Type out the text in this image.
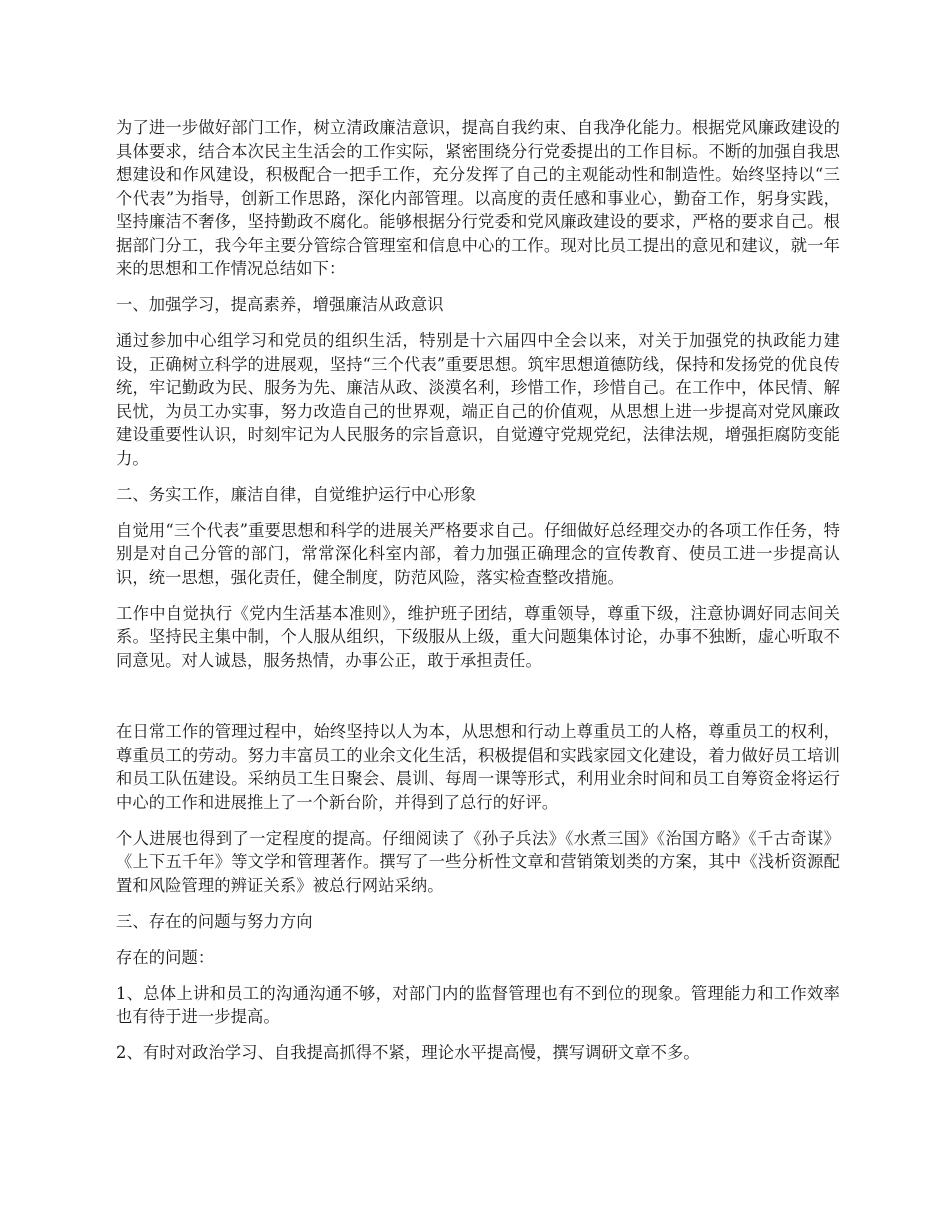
为了进一步做好部门工作，树立清政廉洁意识，提高自我约束、自我净化能力。根据党风廉政建设的具体要求，结合本次民主生活会的工作实际，紧密围绕分行党委提出的工作目标。不断的加强自我思想建设和作风建设，积极配合一把手工作，充分发挥了自己的主观能动性和制造性。始终坚持以“三个代表”为指导，创新工作思路，深化内部管理。以高度的责任感和事业心，勤奋工作，躬身实践，坚持廉洁不奢侈，坚持勤政不腐化。能够根据分行党委和党风廉政建设的要求，严格的要求自己。根据部门分工，我今年主要分管综合管理室和信息中心的工作。现对比员工提出的意见和建议，就一年来的思想和工作情况总结如下：

一、加强学习，提高素养，增强廉洁从政意识

通过参加中心组学习和党员的组织生活，特别是十六届四中全会以来，对关于加强党的执政能力建设，正确树立科学的进展观，坚持“三个代表”重要思想。筑牢思想道德防线，保持和发扬党的优良传统，牢记勤政为民、服务为先、廉洁从政、淡漠名利，珍惜工作，珍惜自己。在工作中，体民情、解民忧，为员工办实事，努力改造自己的世界观，端正自己的价值观，从思想上进一步提高对党风廉政建设重要性认识，时刻牢记为人民服务的宗旨意识，自觉遵守党规党纪，法律法规，增强拒腐防变能力。

二、务实工作，廉洁自律，自觉维护运行中心形象

自觉用“三个代表”重要思想和科学的进展关严格要求自己。仔细做好总经理交办的各项工作任务，特别是对自己分管的部门，常常深化科室内部，着力加强正确理念的宣传教育、使员工进一步提高认识，统一思想，强化责任，健全制度，防范风险，落实检查整改措施。

工作中自觉执行《党内生活基本准则》，维护班子团结，尊重领导，尊重下级，注意协调好同志间关系。坚持民主集中制，个人服从组织，下级服从上级，重大问题集体讨论，办事不独断，虚心听取不同意见。对人诚恳，服务热情，办事公正，敢于承担责任。

在日常工作的管理过程中，始终坚持以人为本，从思想和行动上尊重员工的人格，尊重员工的权利，尊重员工的劳动。努力丰富员工的业余文化生活，积极提倡和实践家园文化建设，着力做好员工培训和员工队伍建设。采纳员工生日聚会、晨训、每周一课等形式，利用业余时间和员工自筹资金将运行中心的工作和进展推上了一个新台阶，并得到了总行的好评。

个人进展也得到了一定程度的提高。仔细阅读了《孙子兵法》《水煮三国》《治国方略》《千古奇谋》《上下五千年》等文学和管理著作。撰写了一些分析性文章和营销策划类的方案，其中《浅析资源配置和风险管理的辨证关系》被总行网站采纳。

三、存在的问题与努力方向

存在的问题：

1、总体上讲和员工的沟通沟通不够，对部门内的监督管理也有不到位的现象。管理能力和工作效率也有待于进一步提高。

2、有时对政治学习、自我提高抓得不紧，理论水平提高慢，撰写调研文章不多。
